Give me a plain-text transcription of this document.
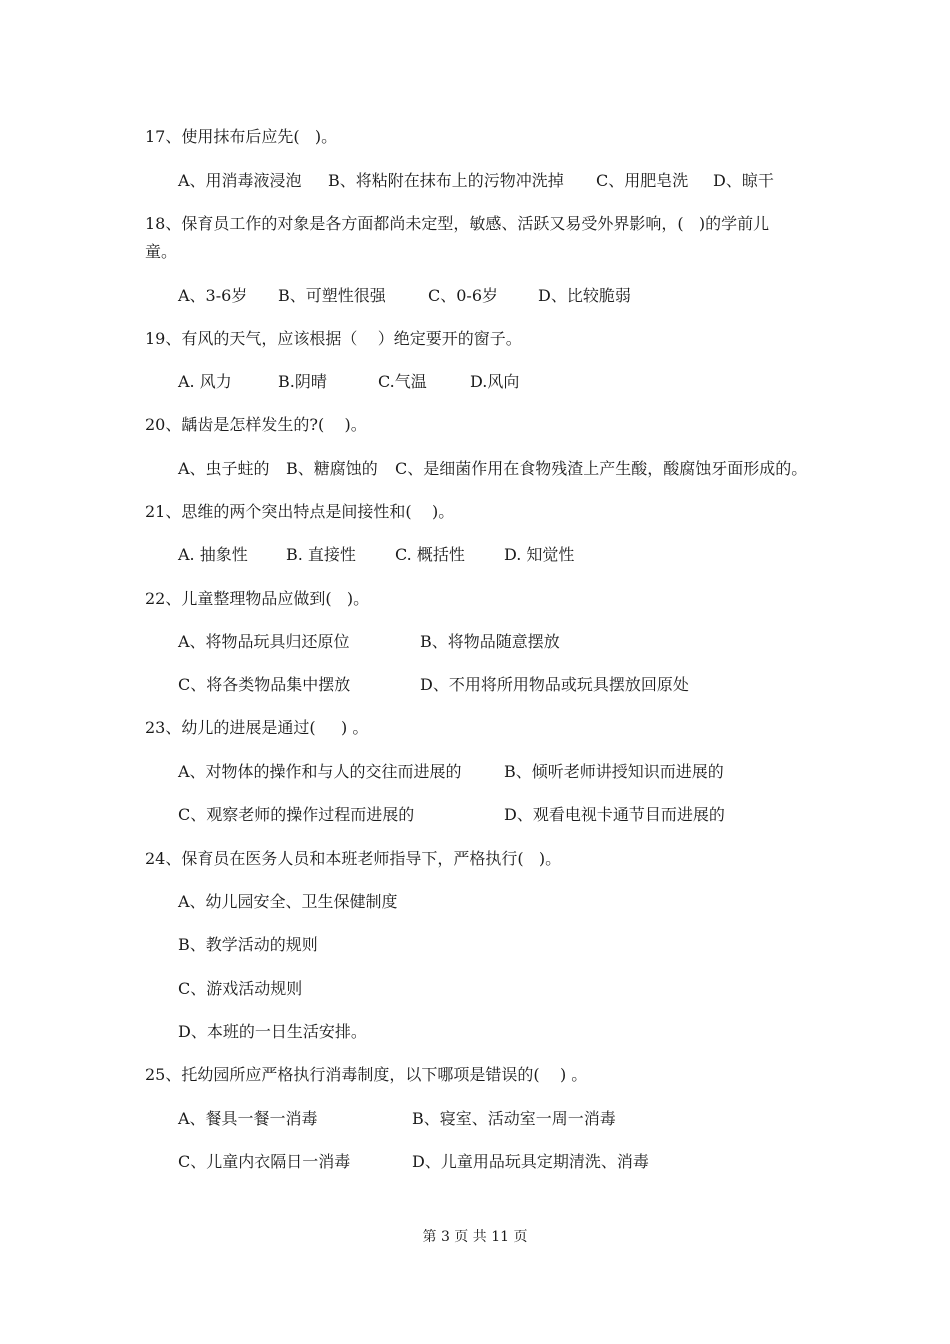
17、使用抹布后应先(   )。
A、用消毒液浸泡 B、将粘附在抹布上的污物冲洗掉 C、用肥皂洗 D、晾干
18、保育员工作的对象是各方面都尚未定型，敏感、活跃又易受外界影响，(   )的学前儿
童。
A、3-6岁 B、可塑性很强	C、0-6岁 D、比较脆弱
19、有风的天气，应该根据（    ）绝定要开的窗子。
A. 风力	B.阴晴	C.气温	D.风向
20、龋齿是怎样发生的?(    )。
A、虫子蛀的 B、糖腐蚀的 C、是细菌作用在食物残渣上产生酸，酸腐蚀牙面形成的。
21、思维的两个突出特点是间接性和(    )。
A. 抽象性 B. 直接性 C. 概括性 D. 知觉性
22、儿童整理物品应做到(   )。
A、将物品玩具归还原位	B、将物品随意摆放
C、将各类物品集中摆放	D、不用将所用物品或玩具摆放回原处
23、幼儿的进展是通过(     ) 。
A、对物体的操作和与人的交往而进展的	B、倾听老师讲授知识而进展的
C、观察老师的操作过程而进展的	D、观看电视卡通节目而进展的
24、保育员在医务人员和本班老师指导下，严格执行(   )。
A、幼儿园安全、卫生保健制度
B、教学活动的规则
C、游戏活动规则
D、本班的一日生活安排。
25、托幼园所应严格执行消毒制度，以下哪项是错误的(    ) 。
A、餐具一餐一消毒	B、寝室、活动室一周一消毒
C、儿童内衣隔日一消毒	D、儿童用品玩具定期清洗、消毒
第 3 页 共 11 页
